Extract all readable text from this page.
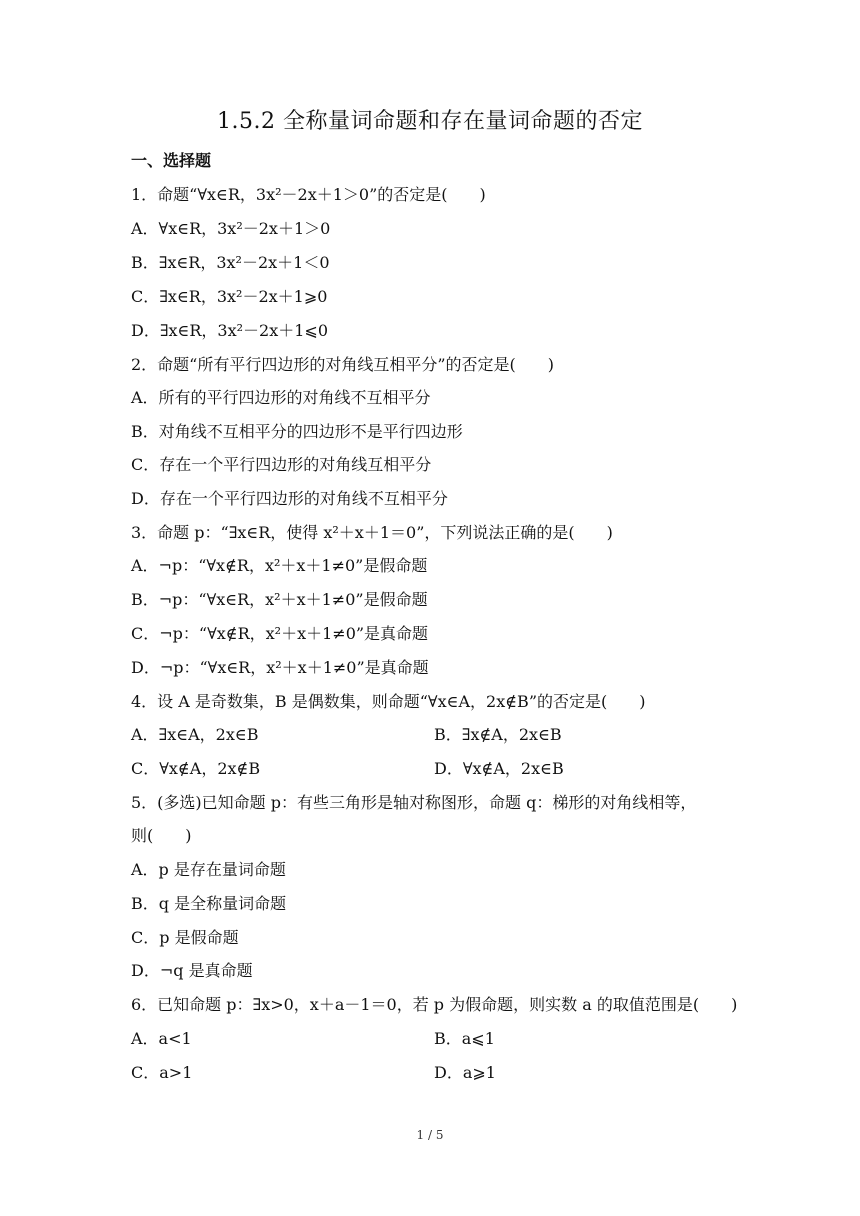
1.5.2 全称量词命题和存在量词命题的否定
一、选择题
1．命题“∀x∈R，3x²－2x＋1＞0”的否定是(　　)
A．∀x∈R，3x²－2x＋1＞0
B．∃x∈R，3x²－2x＋1＜0
C．∃x∈R，3x²－2x＋1⩾0
D．∃x∈R，3x²－2x＋1⩽0
2．命题“所有平行四边形的对角线互相平分”的否定是(　　)
A．所有的平行四边形的对角线不互相平分
B．对角线不互相平分的四边形不是平行四边形
C．存在一个平行四边形的对角线互相平分
D．存在一个平行四边形的对角线不互相平分
3．命题 p：“∃x∈R，使得 x²＋x＋1＝0”，下列说法正确的是(　　)
A．¬p：“∀x∉R，x²＋x＋1≠0”是假命题
B．¬p：“∀x∈R，x²＋x＋1≠0”是假命题
C．¬p：“∀x∉R，x²＋x＋1≠0”是真命题
D．¬p：“∀x∈R，x²＋x＋1≠0”是真命题
4．设 A 是奇数集，B 是偶数集，则命题“∀x∈A，2x∉B”的否定是(　　)
A．∃x∈A，2x∈B	B．∃x∉A，2x∈B
C．∀x∉A，2x∉B	D．∀x∉A，2x∈B
5．(多选)已知命题 p：有些三角形是轴对称图形，命题 q：梯形的对角线相等，
则(　　)
A．p 是存在量词命题
B．q 是全称量词命题
C．p 是假命题
D．¬q 是真命题
6．已知命题 p：∃x>0，x＋a－1＝0，若 p 为假命题，则实数 a 的取值范围是(　　)
A．a<1	B．a⩽1
C．a>1	D．a⩾1
1 / 5
